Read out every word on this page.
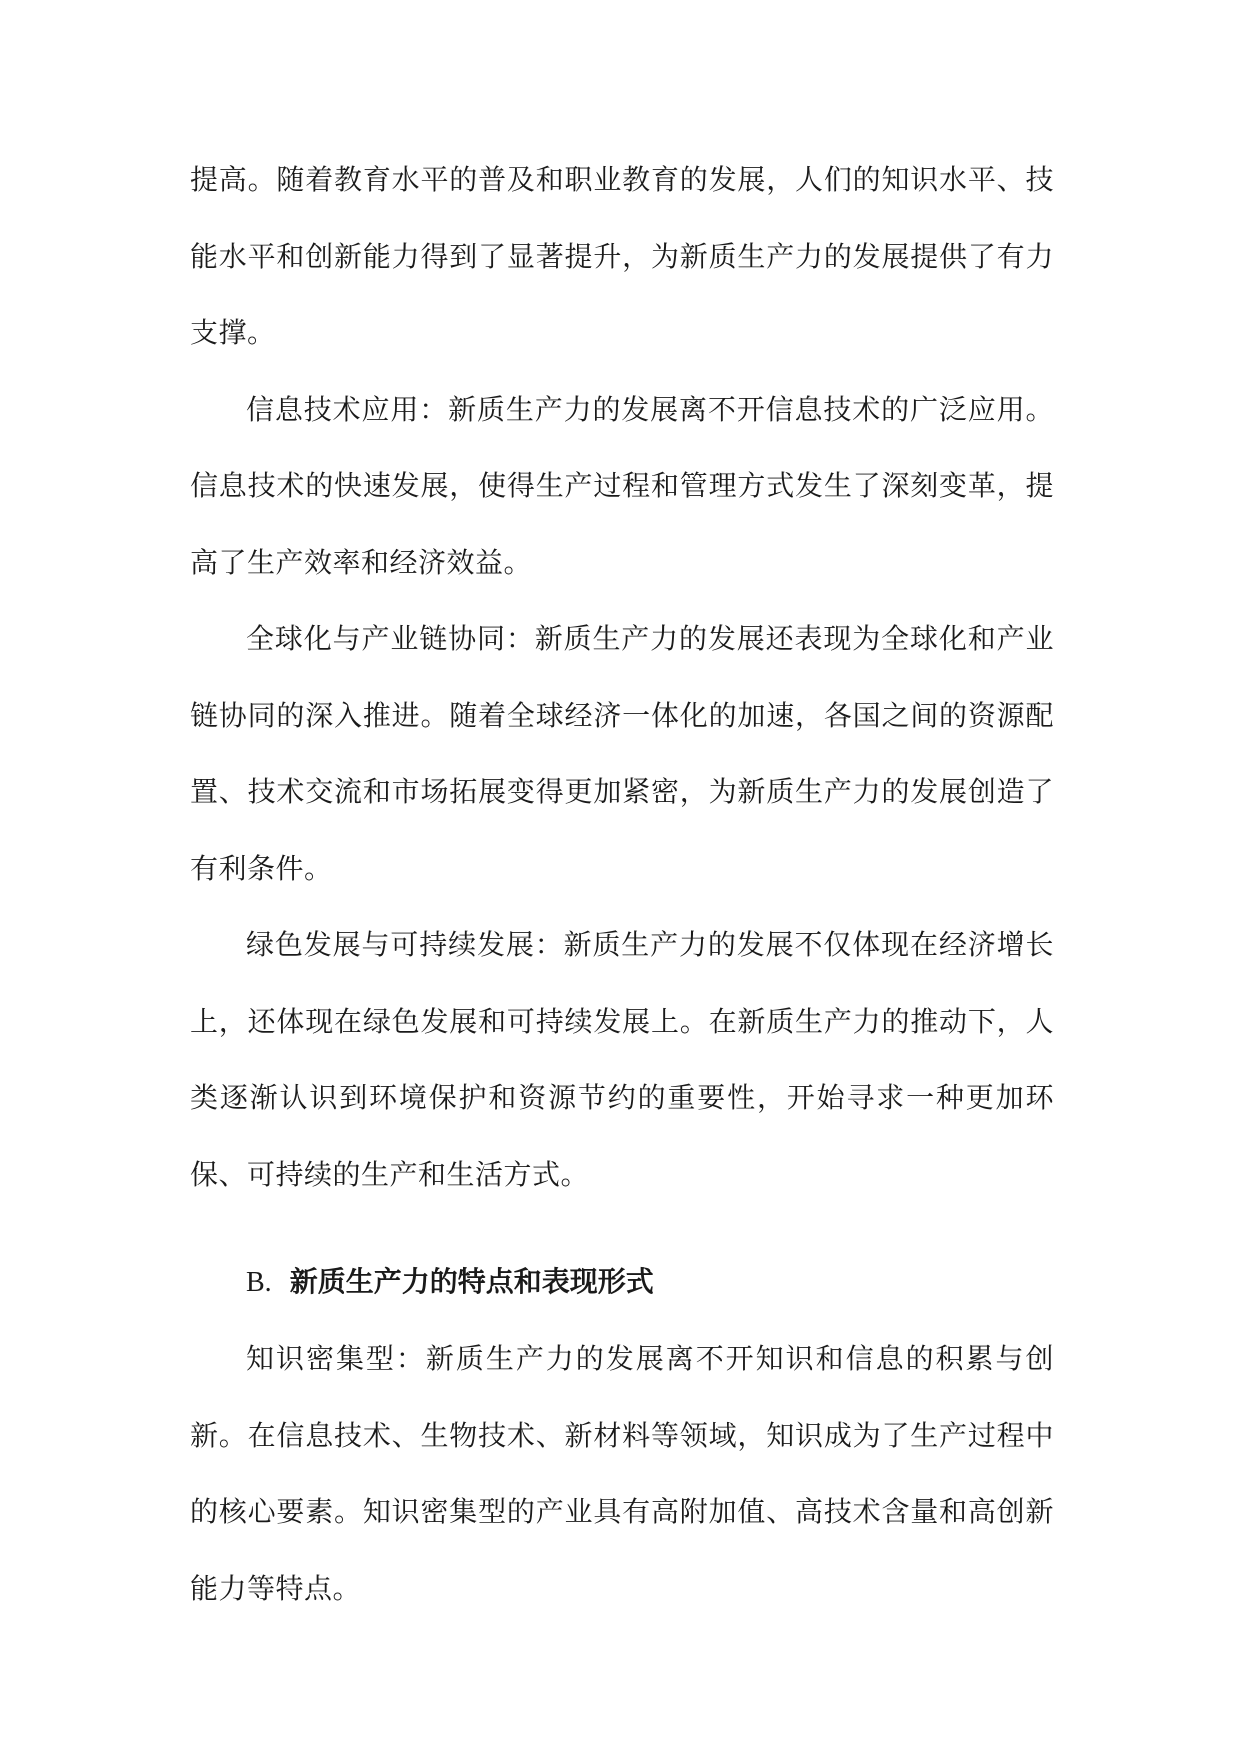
提高。随着教育水平的普及和职业教育的发展，人们的知识水平、技能水平和创新能力得到了显著提升，为新质生产力的发展提供了有力支撑。

信息技术应用：新质生产力的发展离不开信息技术的广泛应用。信息技术的快速发展，使得生产过程和管理方式发生了深刻变革，提高了生产效率和经济效益。

全球化与产业链协同：新质生产力的发展还表现为全球化和产业链协同的深入推进。随着全球经济一体化的加速，各国之间的资源配置、技术交流和市场拓展变得更加紧密，为新质生产力的发展创造了有利条件。

绿色发展与可持续发展：新质生产力的发展不仅体现在经济增长上，还体现在绿色发展和可持续发展上。在新质生产力的推动下，人类逐渐认识到环境保护和资源节约的重要性，开始寻求一种更加环保、可持续的生产和生活方式。

B. 新质生产力的特点和表现形式

知识密集型：新质生产力的发展离不开知识和信息的积累与创新。在信息技术、生物技术、新材料等领域，知识成为了生产过程中的核心要素。知识密集型的产业具有高附加值、高技术含量和高创新能力等特点。
